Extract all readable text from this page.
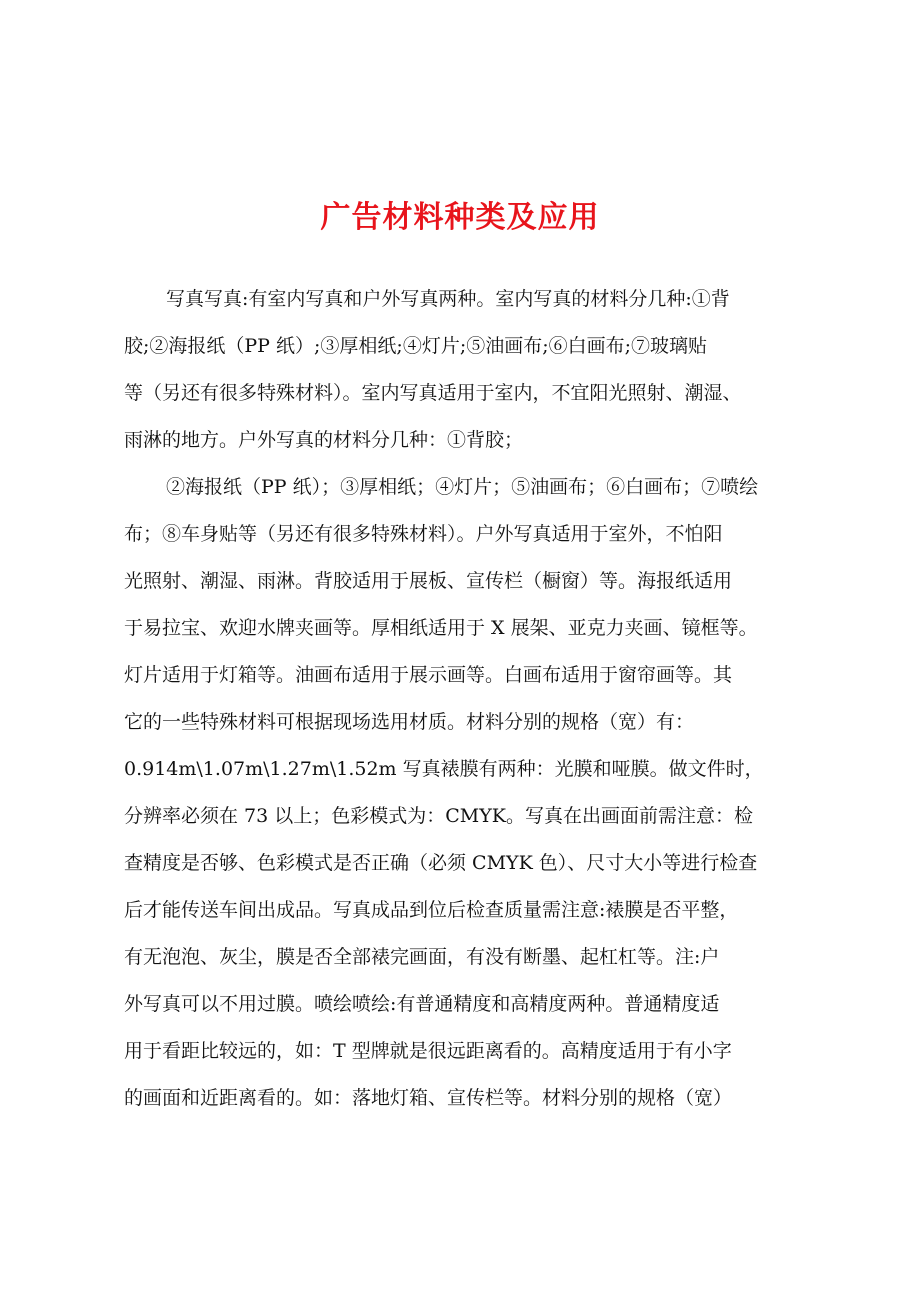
广告材料种类及应用
写真写真:有室内写真和户外写真两种。室内写真的材料分几种:①背
胶;②海报纸（PP 纸）;③厚相纸;④灯片;⑤油画布;⑥白画布;⑦玻璃贴
等（另还有很多特殊材料）。室内写真适用于室内，不宜阳光照射、潮湿、
雨淋的地方。户外写真的材料分几种：①背胶；
②海报纸（PP 纸）；③厚相纸；④灯片；⑤油画布；⑥白画布；⑦喷绘
布；⑧车身贴等（另还有很多特殊材料）。户外写真适用于室外，不怕阳
光照射、潮湿、雨淋。背胶适用于展板、宣传栏（橱窗）等。海报纸适用
于易拉宝、欢迎水牌夹画等。厚相纸适用于 X 展架、亚克力夹画、镜框等。
灯片适用于灯箱等。油画布适用于展示画等。白画布适用于窗帘画等。其
它的一些特殊材料可根据现场选用材质。材料分别的规格（宽）有：
0.914m\1.07m\1.27m\1.52m 写真裱膜有两种：光膜和哑膜。做文件时，
分辨率必须在 73 以上；色彩模式为：CMYK。写真在出画面前需注意：检
查精度是否够、色彩模式是否正确（必须 CMYK 色）、尺寸大小等进行检查
后才能传送车间出成品。写真成品到位后检查质量需注意:裱膜是否平整，
有无泡泡、灰尘，膜是否全部裱完画面，有没有断墨、起杠杠等。注:户
外写真可以不用过膜。喷绘喷绘:有普通精度和高精度两种。普通精度适
用于看距比较远的，如：T 型牌就是很远距离看的。高精度适用于有小字
的画面和近距离看的。如：落地灯箱、宣传栏等。材料分别的规格（宽）
